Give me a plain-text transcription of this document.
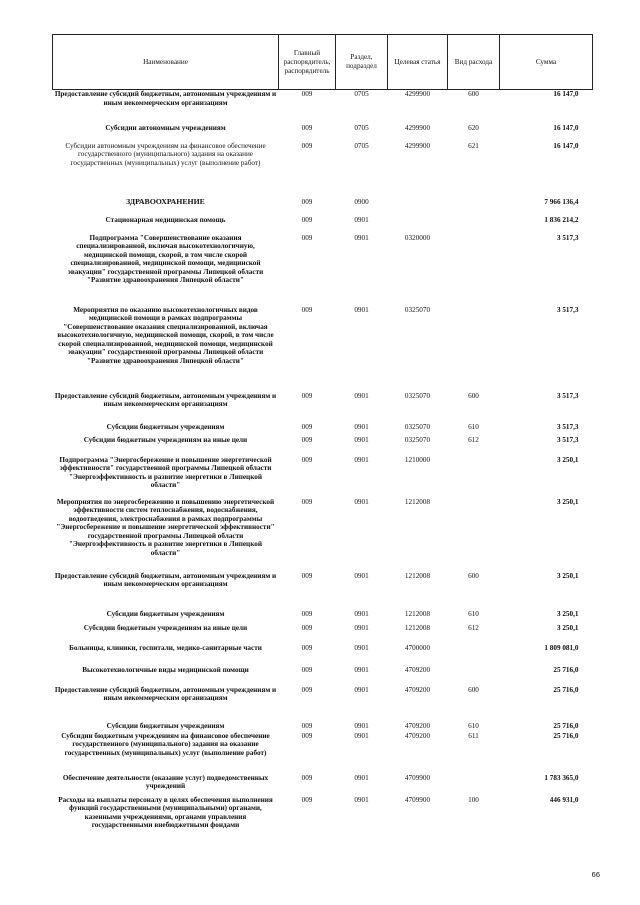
Наименование	Главный распорядитель, распорядитель	Раздел, подраздел	Целевая статья	Вид расхода	Сумма
Предоставление субсидий бюджетным, автономным учреждениям и иным некоммерческим организациям	009	0705	4299900	600	16 147,0
Субсидии автономным учреждениям	009	0705	4299900	620	16 147,0
Субсидии автономным учреждениям на финансовое обеспечение государственного (муниципального) задания на оказание государственных (муниципальных) услуг (выполнение работ)	009	0705	4299900	621	16 147,0
ЗДРАВООХРАНЕНИЕ	009	0900			7 966 136,4
Стационарная медицинская помощь	009	0901			1 836 214,2
Подпрограмма "Совершенствование оказания специализированной, включая высокотехнологичную, медицинской помощи, скорой, в том числе скорой специализированной, медицинской помощи, медицинской эвакуации" государственной программы Липецкой области "Развитие здравоохранения Липецкой области"	009	0901	0320000		3 517,3
Мероприятия по оказанию высокотехнологичных видов медицинской помощи в рамках подпрограммы "Совершенствование оказания специализированной, включая высокотехнологичную, медицинской помощи, скорой, в том числе скорой специализированной, медицинской помощи, медицинской эвакуации" государственной программы Липецкой области "Развитие здравоохранения Липецкой области"	009	0901	0325070		3 517,3
Предоставление субсидий бюджетным, автономным учреждениям и иным некоммерческим организациям	009	0901	0325070	600	3 517,3
Субсидии бюджетным учреждениям	009	0901	0325070	610	3 517,3
Субсидии бюджетным учреждениям на иные цели	009	0901	0325070	612	3 517,3
Подпрограмма "Энергосбережение и повышение энергетической эффективности" государственной программы Липецкой области "Энергоэффективность и развитие энергетики в Липецкой области"	009	0901	1210000		3 250,1
Мероприятия по энергосбережению и повышению энергетической эффективности систем теплоснабжения, водоснабжения, водоотведения, электроснабжения в рамках подпрограммы "Энергосбережение и повышение энергетической эффективности" государственной программы Липецкой области "Энергоэффективность и развитие энергетики в Липецкой области"	009	0901	1212008		3 250,1
Предоставление субсидий бюджетным, автономным учреждениям и иным некоммерческим организациям	009	0901	1212008	600	3 250,1
Субсидии бюджетным учреждениям	009	0901	1212008	610	3 250,1
Субсидии бюджетным учреждениям на иные цели	009	0901	1212008	612	3 250,1
Больницы, клиники, госпитали, медико-санитарные части	009	0901	4700000		1 809 081,0
Высокотехнологичные виды медицинской помощи	009	0901	4709200		25 716,0
Предоставление субсидий бюджетным, автономным учреждениям и иным некоммерческим организациям	009	0901	4709200	600	25 716,0
Субсидии бюджетным учреждениям	009	0901	4709200	610	25 716,0
Субсидии бюджетным учреждениям на финансовое обеспечение государственного (муниципального) задания на оказание государственных (муниципальных) услуг (выполнение работ)	009	0901	4709200	611	25 716,0
Обеспечение деятельности (оказание услуг) подведомственных учреждений	009	0901	4709900		1 783 365,0
Расходы на выплаты персоналу в целях обеспечения выполнения функций государственными (муниципальными) органами, казенными учреждениями, органами управления государственными внебюджетными фондами	009	0901	4709900	100	446 931,0
66
